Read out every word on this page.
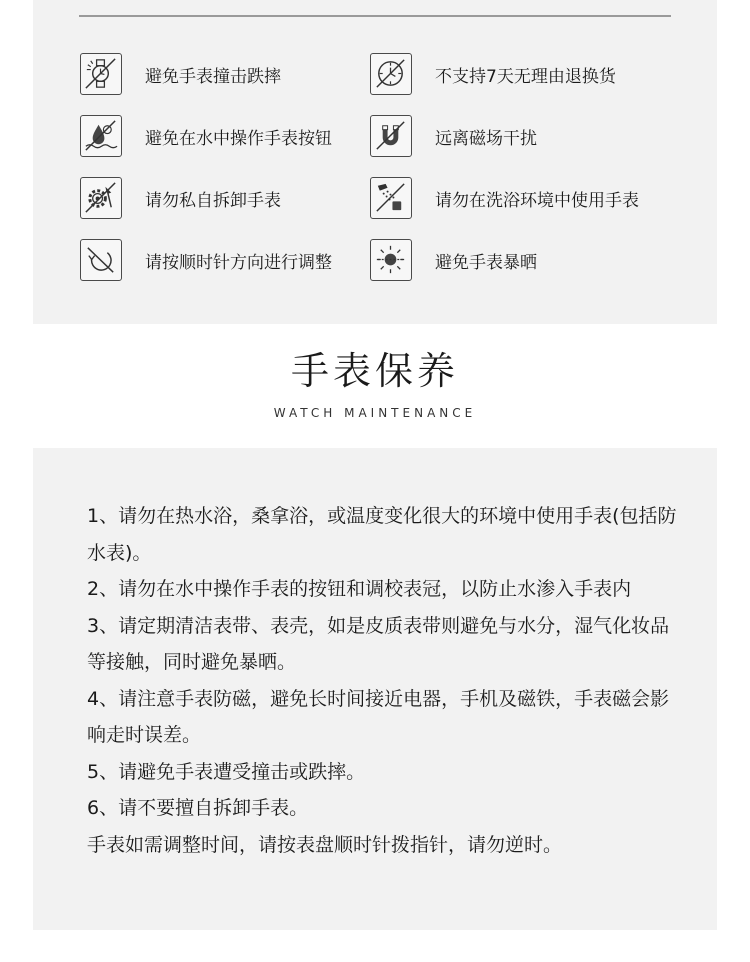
避免手表撞击跌摔	不支持7天无理由退换货
避免在水中操作手表按钮	远离磁场干扰
请勿私自拆卸手表	请勿在洗浴环境中使用手表
请按顺时针方向进行调整	避免手表暴晒
手表保养
WATCH MAINTENANCE

1、请勿在热水浴，桑拿浴，或温度变化很大的环境中使用手表(包括防水表)。

2、请勿在水中操作手表的按钮和调校表冠，以防止水渗入手表内

3、请定期清洁表带、表壳，如是皮质表带则避免与水分，湿气化妆品等接触，同时避免暴晒。

4、请注意手表防磁，避免长时间接近电器，手机及磁铁，手表磁会影响走时误差。

5、请避免手表遭受撞击或跌摔。

6、请不要擅自拆卸手表。

手表如需调整时间，请按表盘顺时针拨指针，请勿逆时。
